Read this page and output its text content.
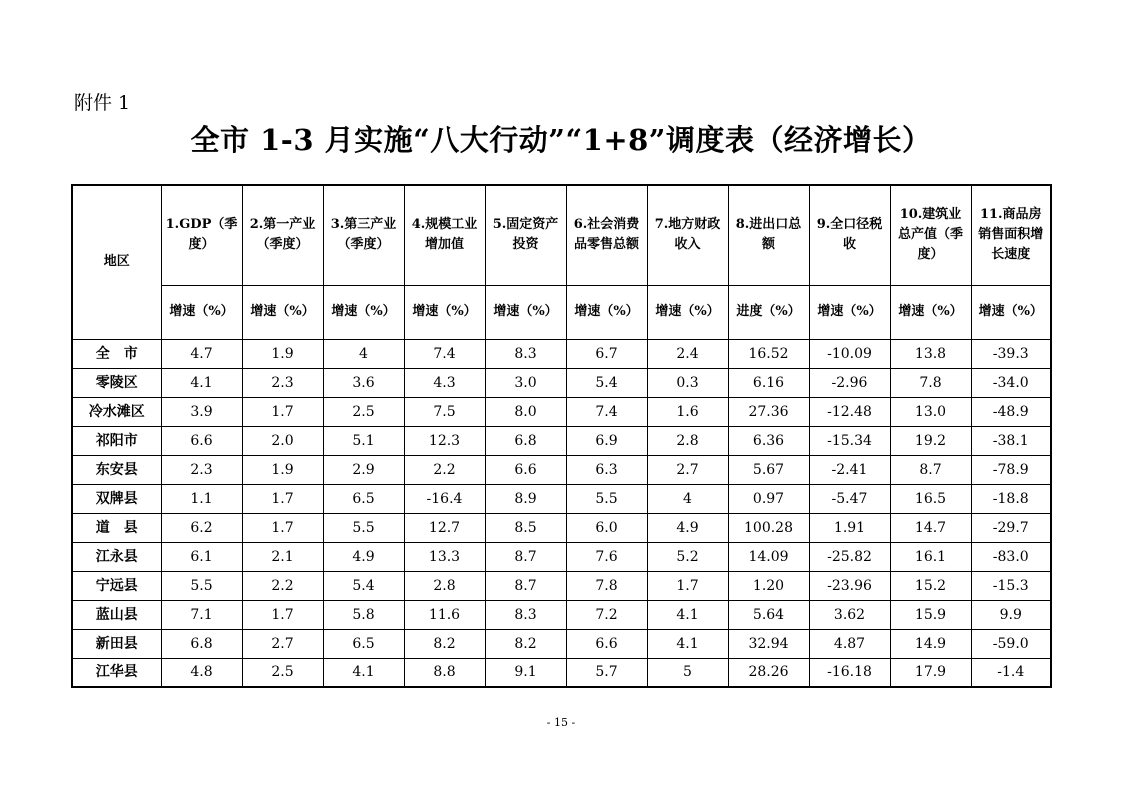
附件 1
全市 1-3 月实施“八大行动”“1+8”调度表（经济增长）
地区	1.GDP（季度）	2.第一产业（季度）	3.第三产业（季度）	4.规模工业增加值	5.固定资产投资	6.社会消费品零售总额	7.地方财政收入	8.进出口总额	9.全口径税收	10.建筑业总产值（季度）	11.商品房销售面积增长速度
	增速（%）	增速（%）	增速（%）	增速（%）	增速（%）	增速（%）	增速（%）	进度（%）	增速（%）	增速（%）	增速（%）
全　市	4.7	1.9	4	7.4	8.3	6.7	2.4	16.52	-10.09	13.8	-39.3
零陵区	4.1	2.3	3.6	4.3	3.0	5.4	0.3	6.16	-2.96	7.8	-34.0
冷水滩区	3.9	1.7	2.5	7.5	8.0	7.4	1.6	27.36	-12.48	13.0	-48.9
祁阳市	6.6	2.0	5.1	12.3	6.8	6.9	2.8	6.36	-15.34	19.2	-38.1
东安县	2.3	1.9	2.9	2.2	6.6	6.3	2.7	5.67	-2.41	8.7	-78.9
双牌县	1.1	1.7	6.5	-16.4	8.9	5.5	4	0.97	-5.47	16.5	-18.8
道　县	6.2	1.7	5.5	12.7	8.5	6.0	4.9	100.28	1.91	14.7	-29.7
江永县	6.1	2.1	4.9	13.3	8.7	7.6	5.2	14.09	-25.82	16.1	-83.0
宁远县	5.5	2.2	5.4	2.8	8.7	7.8	1.7	1.20	-23.96	15.2	-15.3
蓝山县	7.1	1.7	5.8	11.6	8.3	7.2	4.1	5.64	3.62	15.9	9.9
新田县	6.8	2.7	6.5	8.2	8.2	6.6	4.1	32.94	4.87	14.9	-59.0
江华县	4.8	2.5	4.1	8.8	9.1	5.7	5	28.26	-16.18	17.9	-1.4
- 15 -
